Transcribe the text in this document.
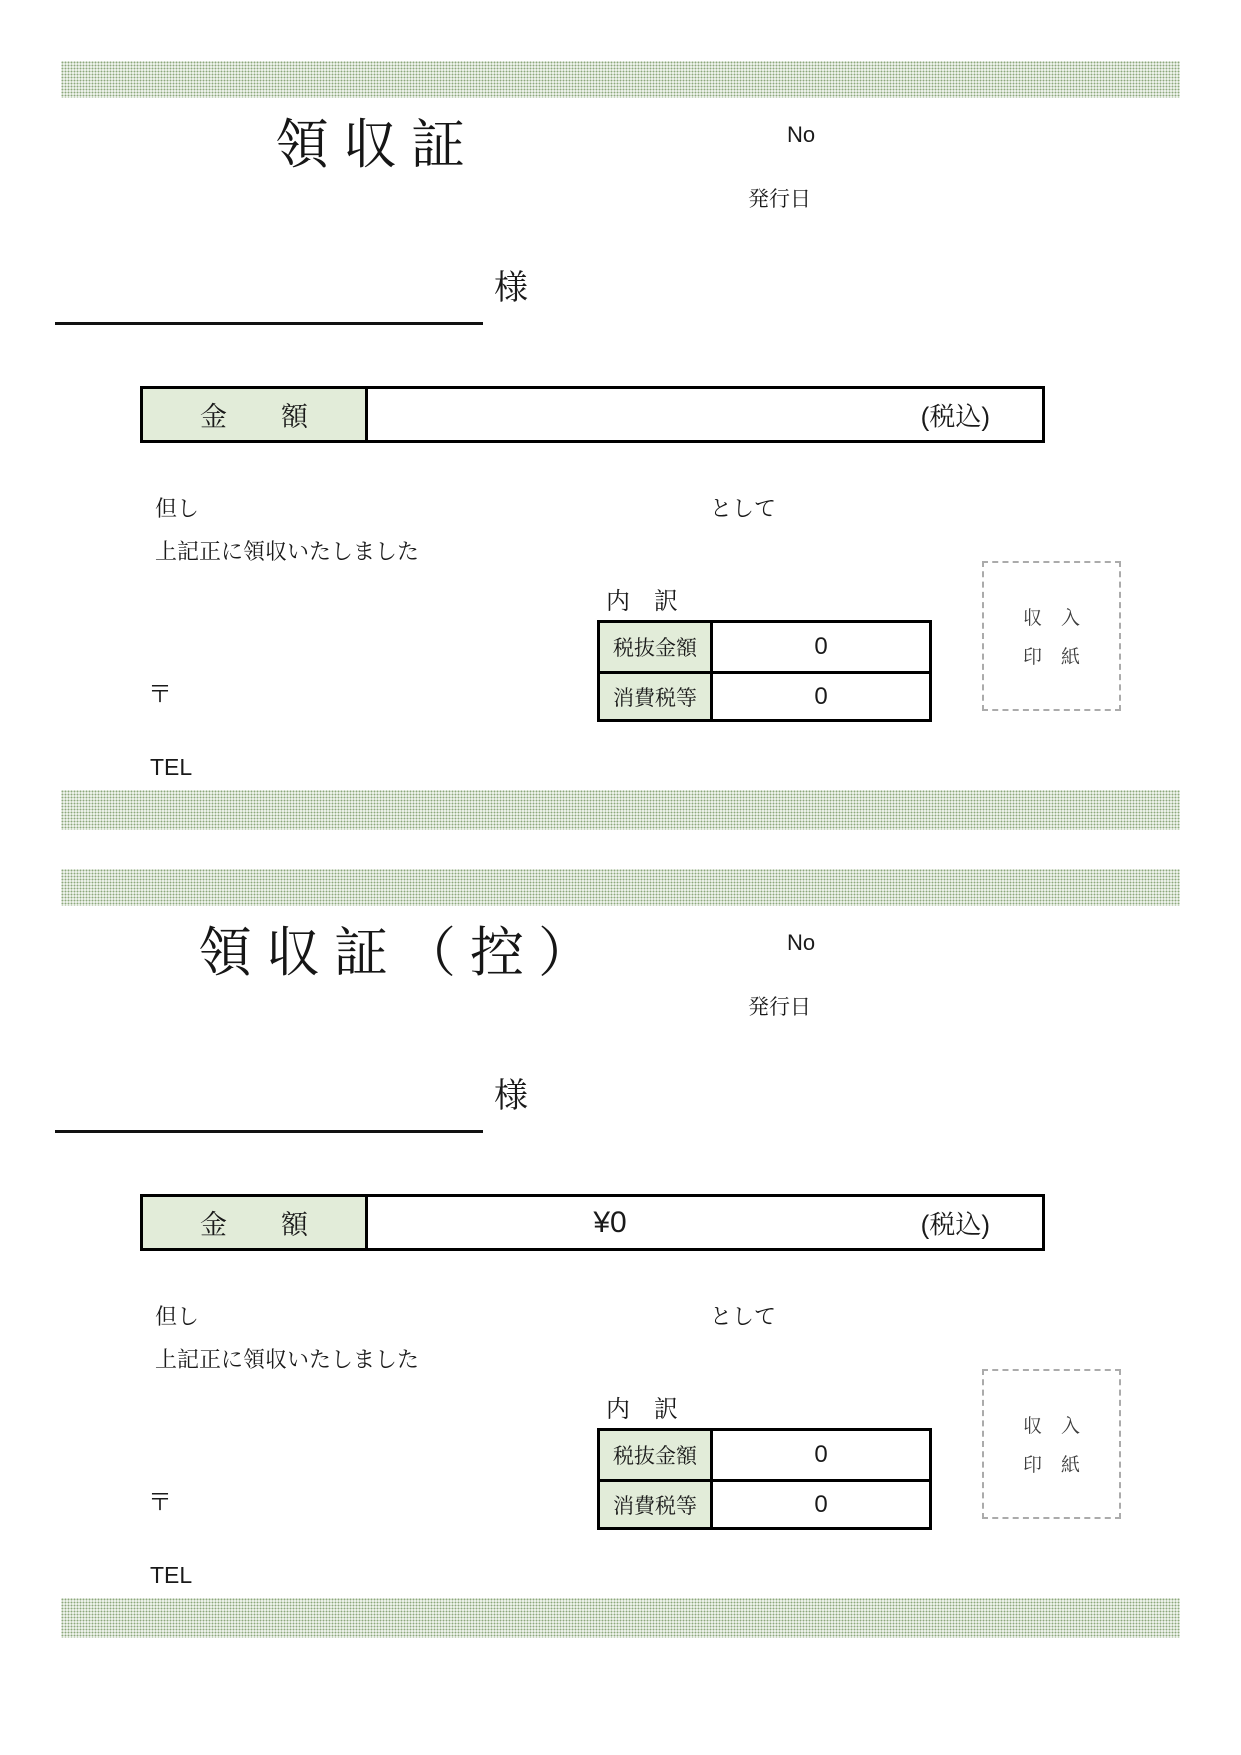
領収証	No
発行日
様
金　　額	(税込)
但し	として
上記正に領収いたしました
内　訳
税抜金額	0
消費税等	0
収　入
印　紙
〒
TEL
領収証（控）	No
発行日
様
金　　額	¥0	(税込)
但し	として
上記正に領収いたしました
内　訳
税抜金額	0
消費税等	0
収　入
印　紙
〒
TEL
